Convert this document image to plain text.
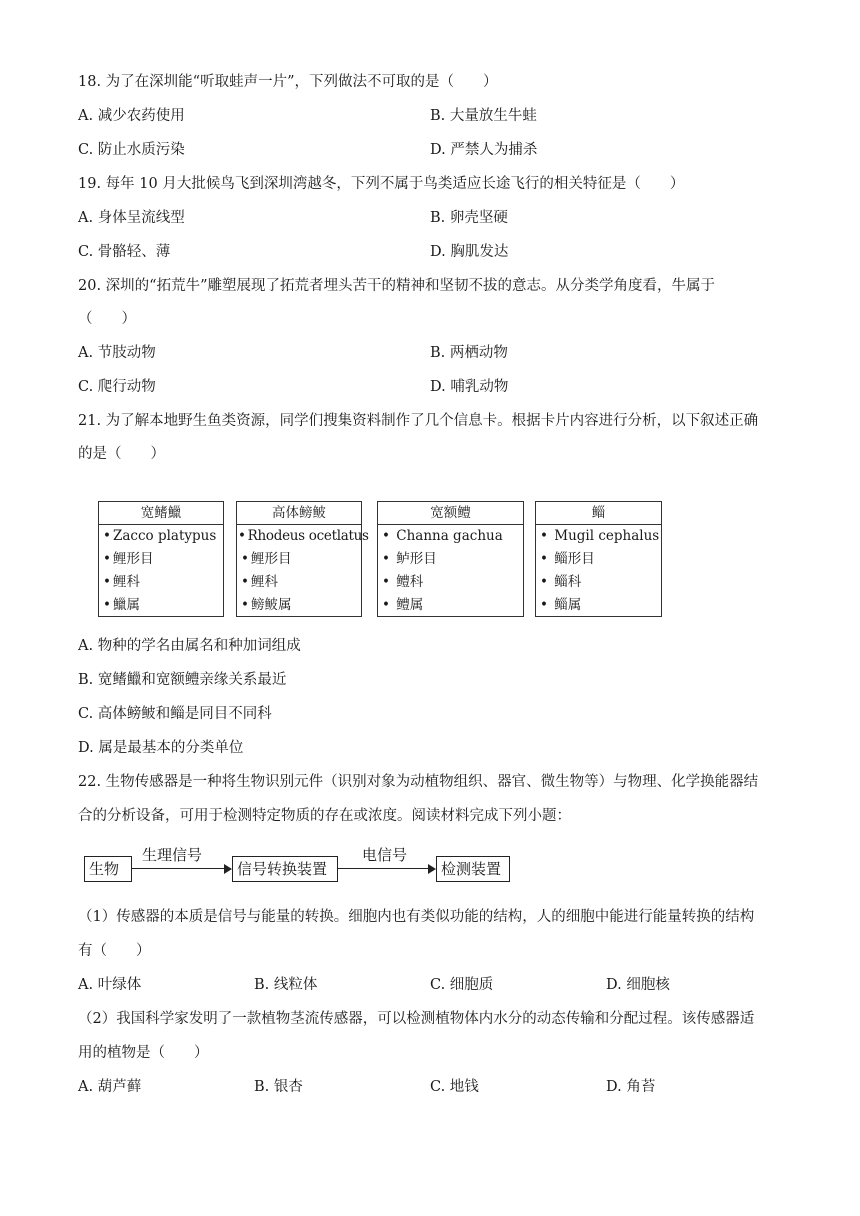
18. 为了在深圳能“听取蛙声一片”，下列做法不可取的是（　　）
A. 减少农药使用	B. 大量放生牛蛙
C. 防止水质污染	D. 严禁人为捕杀
19. 每年 10 月大批候鸟飞到深圳湾越冬，下列不属于鸟类适应长途飞行的相关特征是（　　）
A. 身体呈流线型	B. 卵壳坚硬
C. 骨骼轻、薄	D. 胸肌发达
20. 深圳的“拓荒牛”雕塑展现了拓荒者埋头苦干的精神和坚韧不拔的意志。从分类学角度看，牛属于
（　　）
A. 节肢动物	B. 两栖动物
C. 爬行动物	D. 哺乳动物
21. 为了解本地野生鱼类资源，同学们搜集资料制作了几个信息卡。根据卡片内容进行分析，以下叙述正确
的是（　　）
宽鳍鱲
• Zacco platypus
• 鲤形目
• 鲤科
• 鱲属
高体鳑鲏
• Rhodeus ocetlatus
• 鲤形目
• 鲤科
• 鳑鲏属
宽额鳢
• Channa gachua
• 鲈形目
• 鳢科
• 鳢属
鲻
• Mugil cephalus
• 鲻形目
• 鲻科
• 鲻属
A. 物种的学名由属名和种加词组成
B. 宽鳍鱲和宽额鳢亲缘关系最近
C. 高体鳑鲏和鲻是同目不同科
D. 属是最基本的分类单位
22. 生物传感器是一种将生物识别元件（识别对象为动植物组织、器官、微生物等）与物理、化学换能器结
合的分析设备，可用于检测特定物质的存在或浓度。阅读材料完成下列小题：
生物
生理信号
信号转换装置
电信号
检测装置
（1）传感器的本质是信号与能量的转换。细胞内也有类似功能的结构，人的细胞中能进行能量转换的结构
有（　　）
A. 叶绿体	B. 线粒体	C. 细胞质	D. 细胞核
（2）我国科学家发明了一款植物茎流传感器，可以检测植物体内水分的动态传输和分配过程。该传感器适
用的植物是（　　）
A. 葫芦藓	B. 银杏	C. 地钱	D. 角苔
